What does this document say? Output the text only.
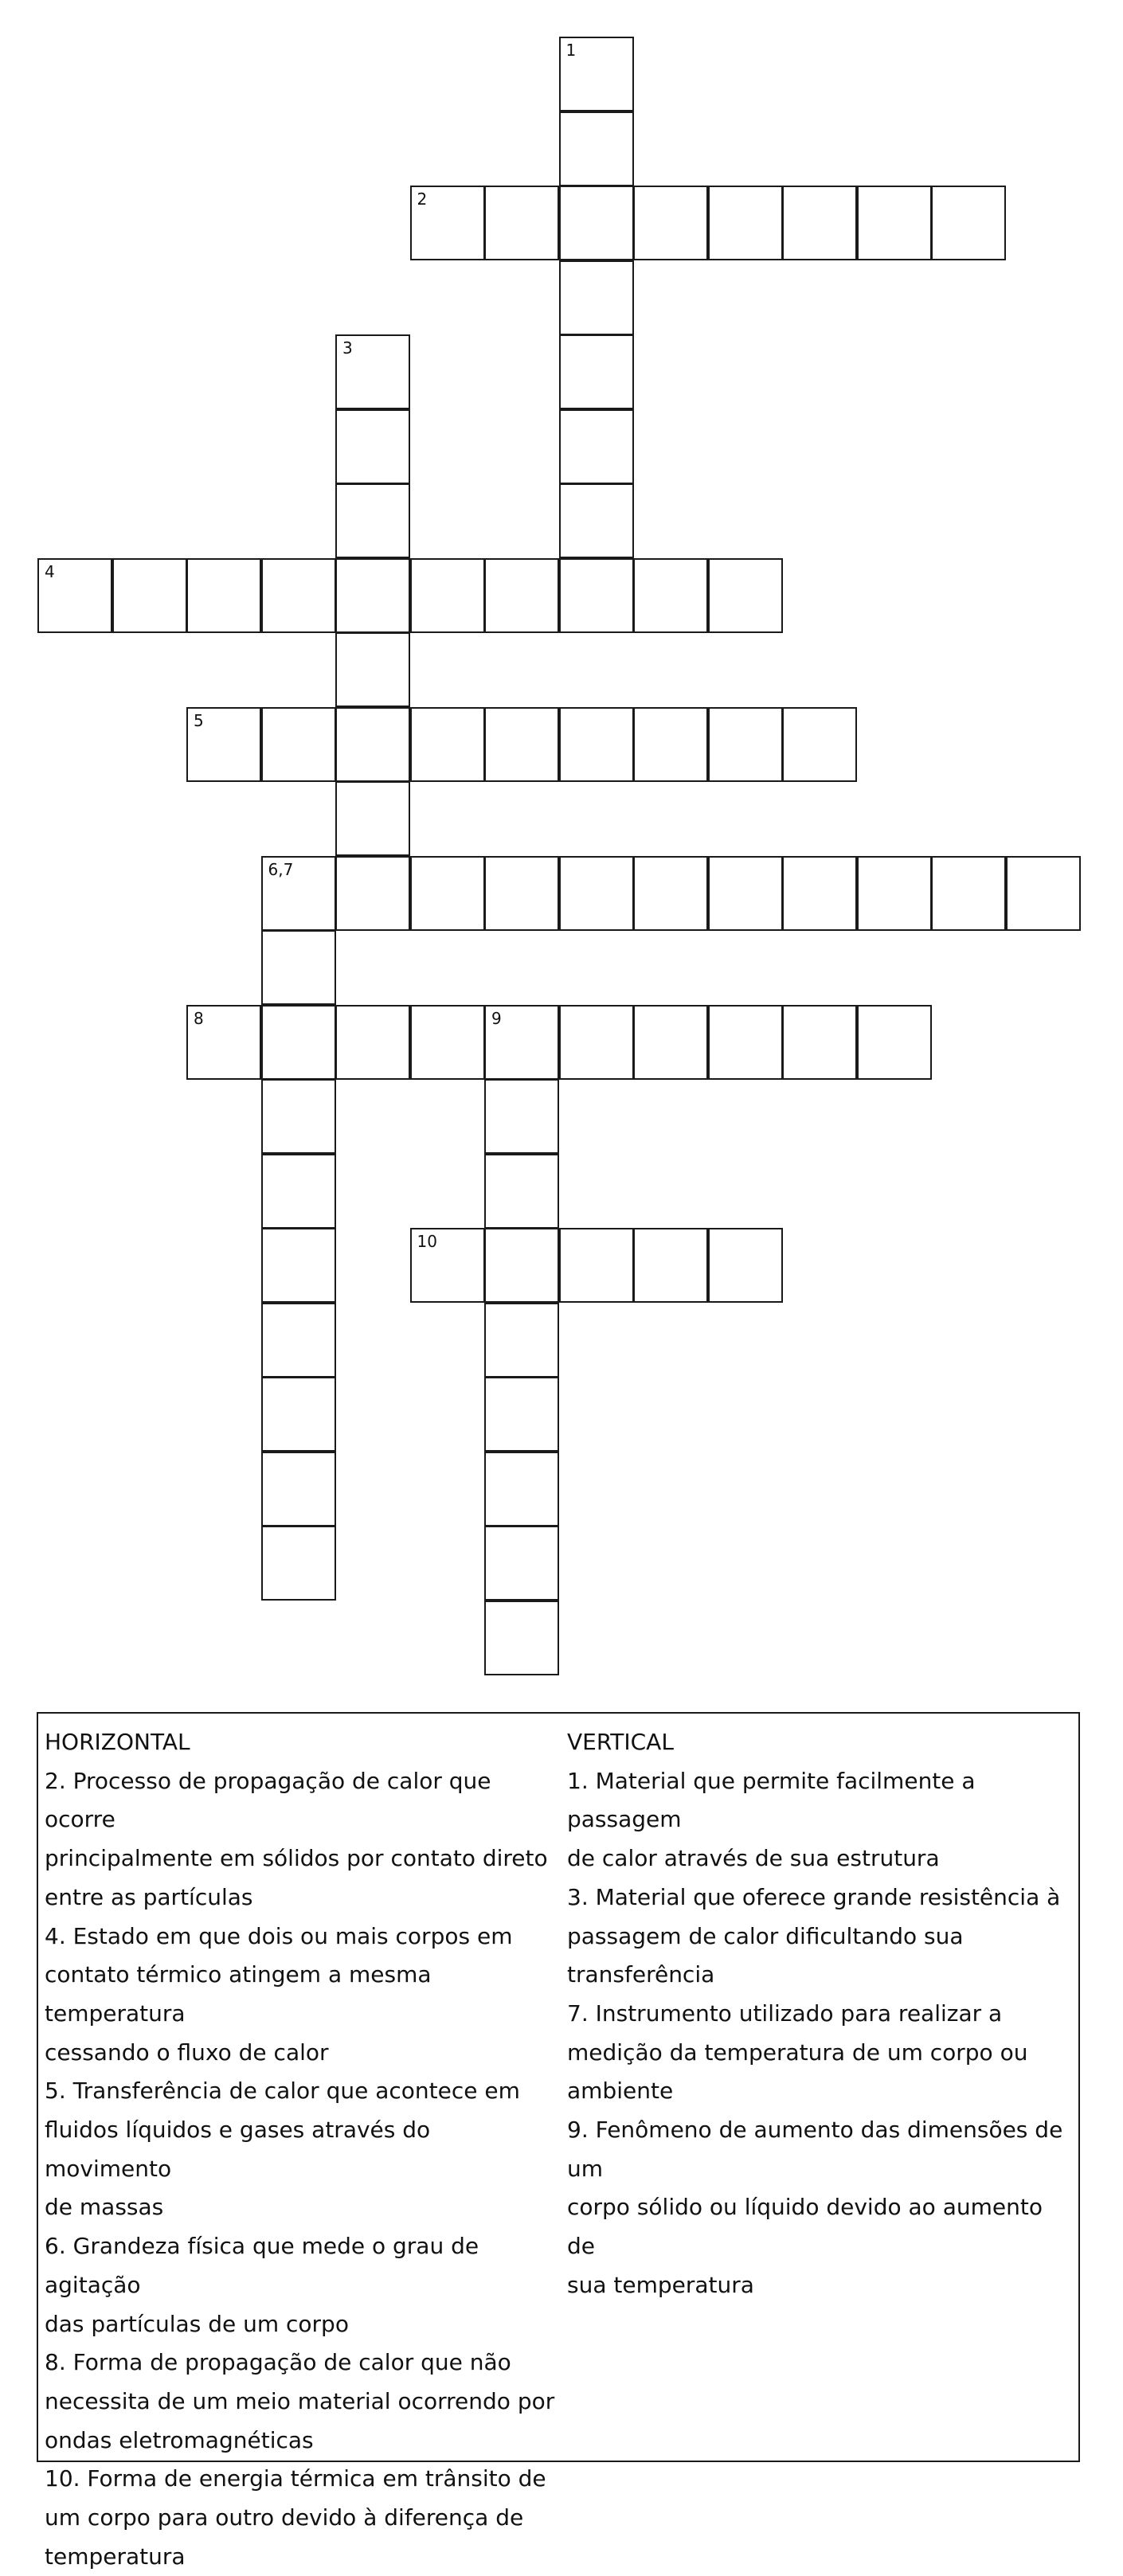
1
2
3
4
5
6,7
8	9
10

HORIZONTAL

2. Processo de propagação de calor que ocorre

principalmente em sólidos por contato direto

entre as partículas

4. Estado em que dois ou mais corpos em

contato térmico atingem a mesma temperatura

cessando o fluxo de calor

5. Transferência de calor que acontece em

fluidos líquidos e gases através do movimento

de massas

6. Grandeza física que mede o grau de agitação

das partículas de um corpo

8. Forma de propagação de calor que não

necessita de um meio material ocorrendo por

ondas eletromagnéticas

10. Forma de energia térmica em trânsito de

um corpo para outro devido à diferença de

temperatura

VERTICAL

1. Material que permite facilmente a passagem

de calor através de sua estrutura

3. Material que oferece grande resistência à

passagem de calor dificultando sua

transferência

7. Instrumento utilizado para realizar a

medição da temperatura de um corpo ou

ambiente

9. Fenômeno de aumento das dimensões de um

corpo sólido ou líquido devido ao aumento de

sua temperatura
